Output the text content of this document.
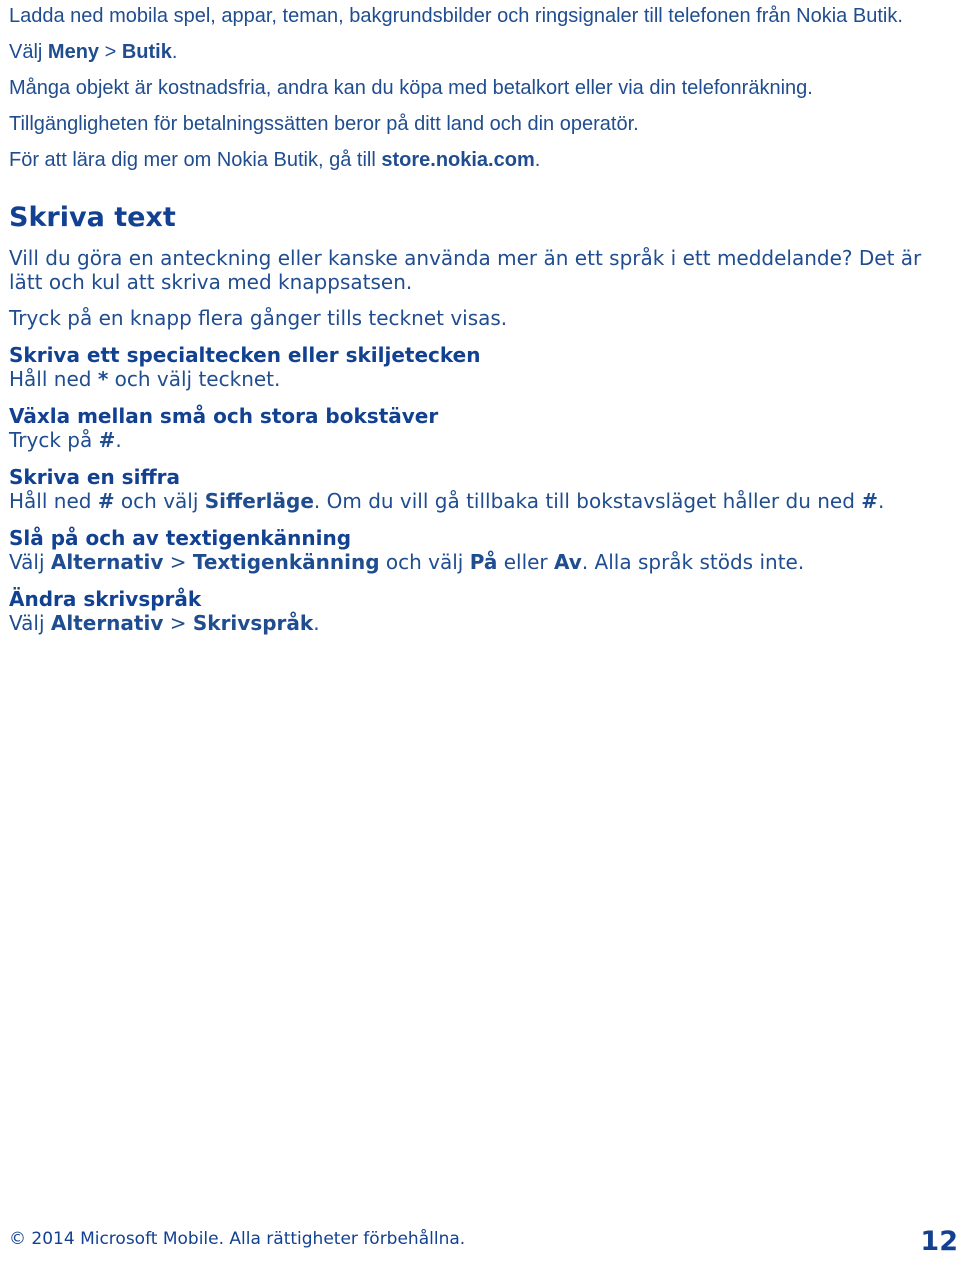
Ladda ned mobila spel, appar, teman, bakgrundsbilder och ringsignaler till telefonen från Nokia Butik.

Välj Meny > Butik.

Många objekt är kostnadsfria, andra kan du köpa med betalkort eller via din telefonräkning.

Tillgängligheten för betalningssätten beror på ditt land och din operatör.

För att lära dig mer om Nokia Butik, gå till store.nokia.com.

Skriva text

Vill du göra en anteckning eller kanske använda mer än ett språk i ett meddelande? Det är lätt och kul att skriva med knappsatsen.

Tryck på en knapp flera gånger tills tecknet visas.

Skriva ett specialtecken eller skiljetecken

Håll ned * och välj tecknet.

Växla mellan små och stora bokstäver

Tryck på #.

Skriva en siffra

Håll ned # och välj Sifferläge. Om du vill gå tillbaka till bokstavsläget håller du ned #.

Slå på och av textigenkänning

Välj Alternativ > Textigenkänning och välj På eller Av. Alla språk stöds inte.

Ändra skrivspråk

Välj Alternativ > Skrivspråk.

© 2014 Microsoft Mobile. Alla rättigheter förbehållna.	12
